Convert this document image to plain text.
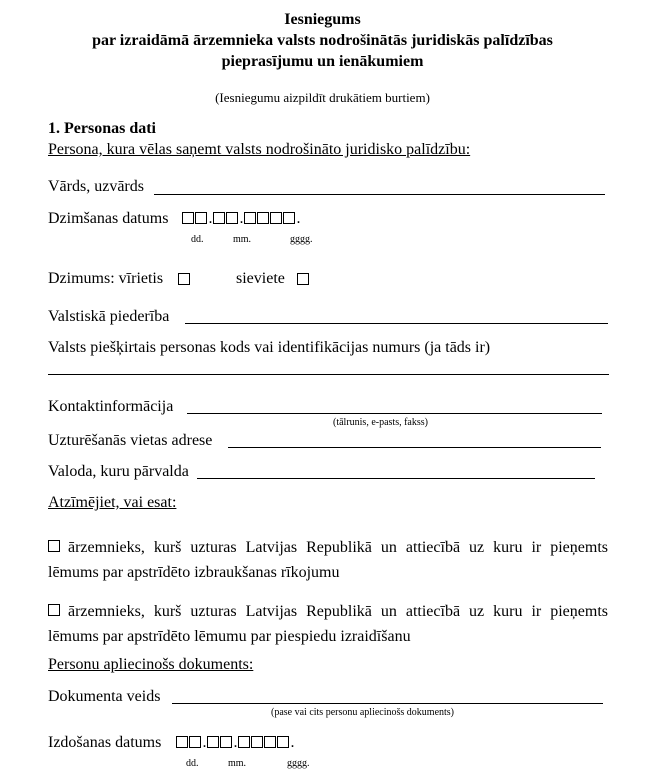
Iesniegums
par izraidāmā ārzemnieka valsts nodrošinātās juridiskās palīdzības
pieprasījumu un ienākumiem
(Iesniegumu aizpildīt drukātiem burtiem)
1. Personas dati
Persona, kura vēlas saņemt valsts nodrošināto juridisko palīdzību:
Vārds, uzvārds
Dzimšanas datums	. .	.
dd.	mm.	gggg.
Dzimums: vīrietis	sieviete
Valstiskā piederība
Valsts piešķirtais personas kods vai identifikācijas numurs (ja tāds ir)
Kontaktinformācija
(tālrunis, e-pasts, fakss)
Uzturēšanās vietas adrese
Valoda, kuru pārvalda
Atzīmējiet, vai esat:
ārzemnieks, kurš uzturas Latvijas Republikā un attiecībā uz kuru ir pieņemts lēmums par apstrīdēto izbraukšanas rīkojumu
ārzemnieks, kurš uzturas Latvijas Republikā un attiecībā uz kuru ir pieņemts lēmums par apstrīdēto lēmumu par piespiedu izraidīšanu
Personu apliecinošs dokuments:
Dokumenta veids
(pase vai cits personu apliecinošs dokuments)
Izdošanas datums	. .	.
dd.	mm.	gggg.
